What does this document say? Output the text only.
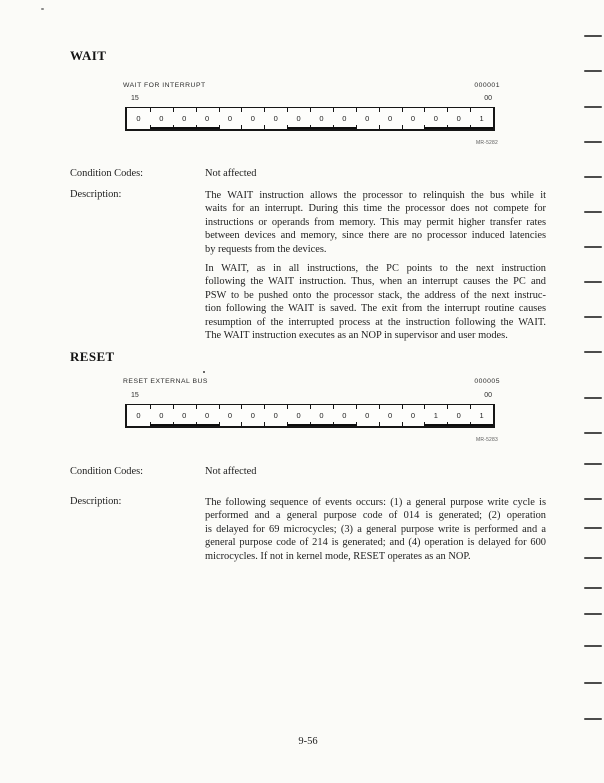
WAIT
WAIT FOR INTERRUPT	000001
15	00
0	0	0	0	0	0	0	0	0	0	0	0	0	0	0	1
MR-5282
Condition Codes:	Not affected
Description:	The WAIT instruction allows the processor to relinquish the bus while it
waits for an interrupt. During this time the processor does not compete for
instructions or operands from memory. This may permit higher transfer rates
between devices and memory, since there are no processor induced latencies
by requests from the devices.
In WAIT, as in all instructions, the PC points to the next instruction
following the WAIT instruction. Thus, when an interrupt causes the PC and
PSW to be pushed onto the processor stack, the address of the next instruc-
tion following the WAIT is saved. The exit from the interrupt routine causes
resumption of the interrupted process at the instruction following the WAIT.
The WAIT instruction executes as an NOP in supervisor and user modes.
RESET
RESET EXTERNAL BUS	000005
15	00
0	0	0	0	0	0	0	0	0	0	0	0	0	1	0	1
MR-5283
Condition Codes:	Not affected
Description:	The following sequence of events occurs: (1) a general purpose write cycle is
performed and a general purpose code of 014 is generated; (2) operation
is delayed for 69 microcycles; (3) a general purpose write is performed and a
general purpose code of 214 is generated; and (4) operation is delayed for 600
microcycles. If not in kernel mode, RESET operates as an NOP.
9-56
